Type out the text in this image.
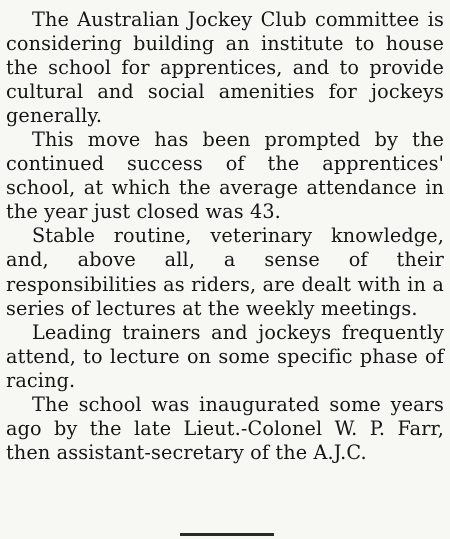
The Australian Jockey Club committee is considering building an institute to house the school for apprentices, and to provide cultural and social amenities for jockeys generally.

This move has been prompted by the continued success of the apprentices' school, at which the average attendance in the year just closed was 43.

Stable routine, veterinary knowledge, and, above all, a sense of their responsibilities as riders, are dealt with in a series of lectures at the weekly meetings.

Leading trainers and jockeys frequently attend, to lecture on some specific phase of racing.

The school was inaugurated some years ago by the late Lieut.-Colonel W. P. Farr, then assistant-secretary of the A.J.C.
